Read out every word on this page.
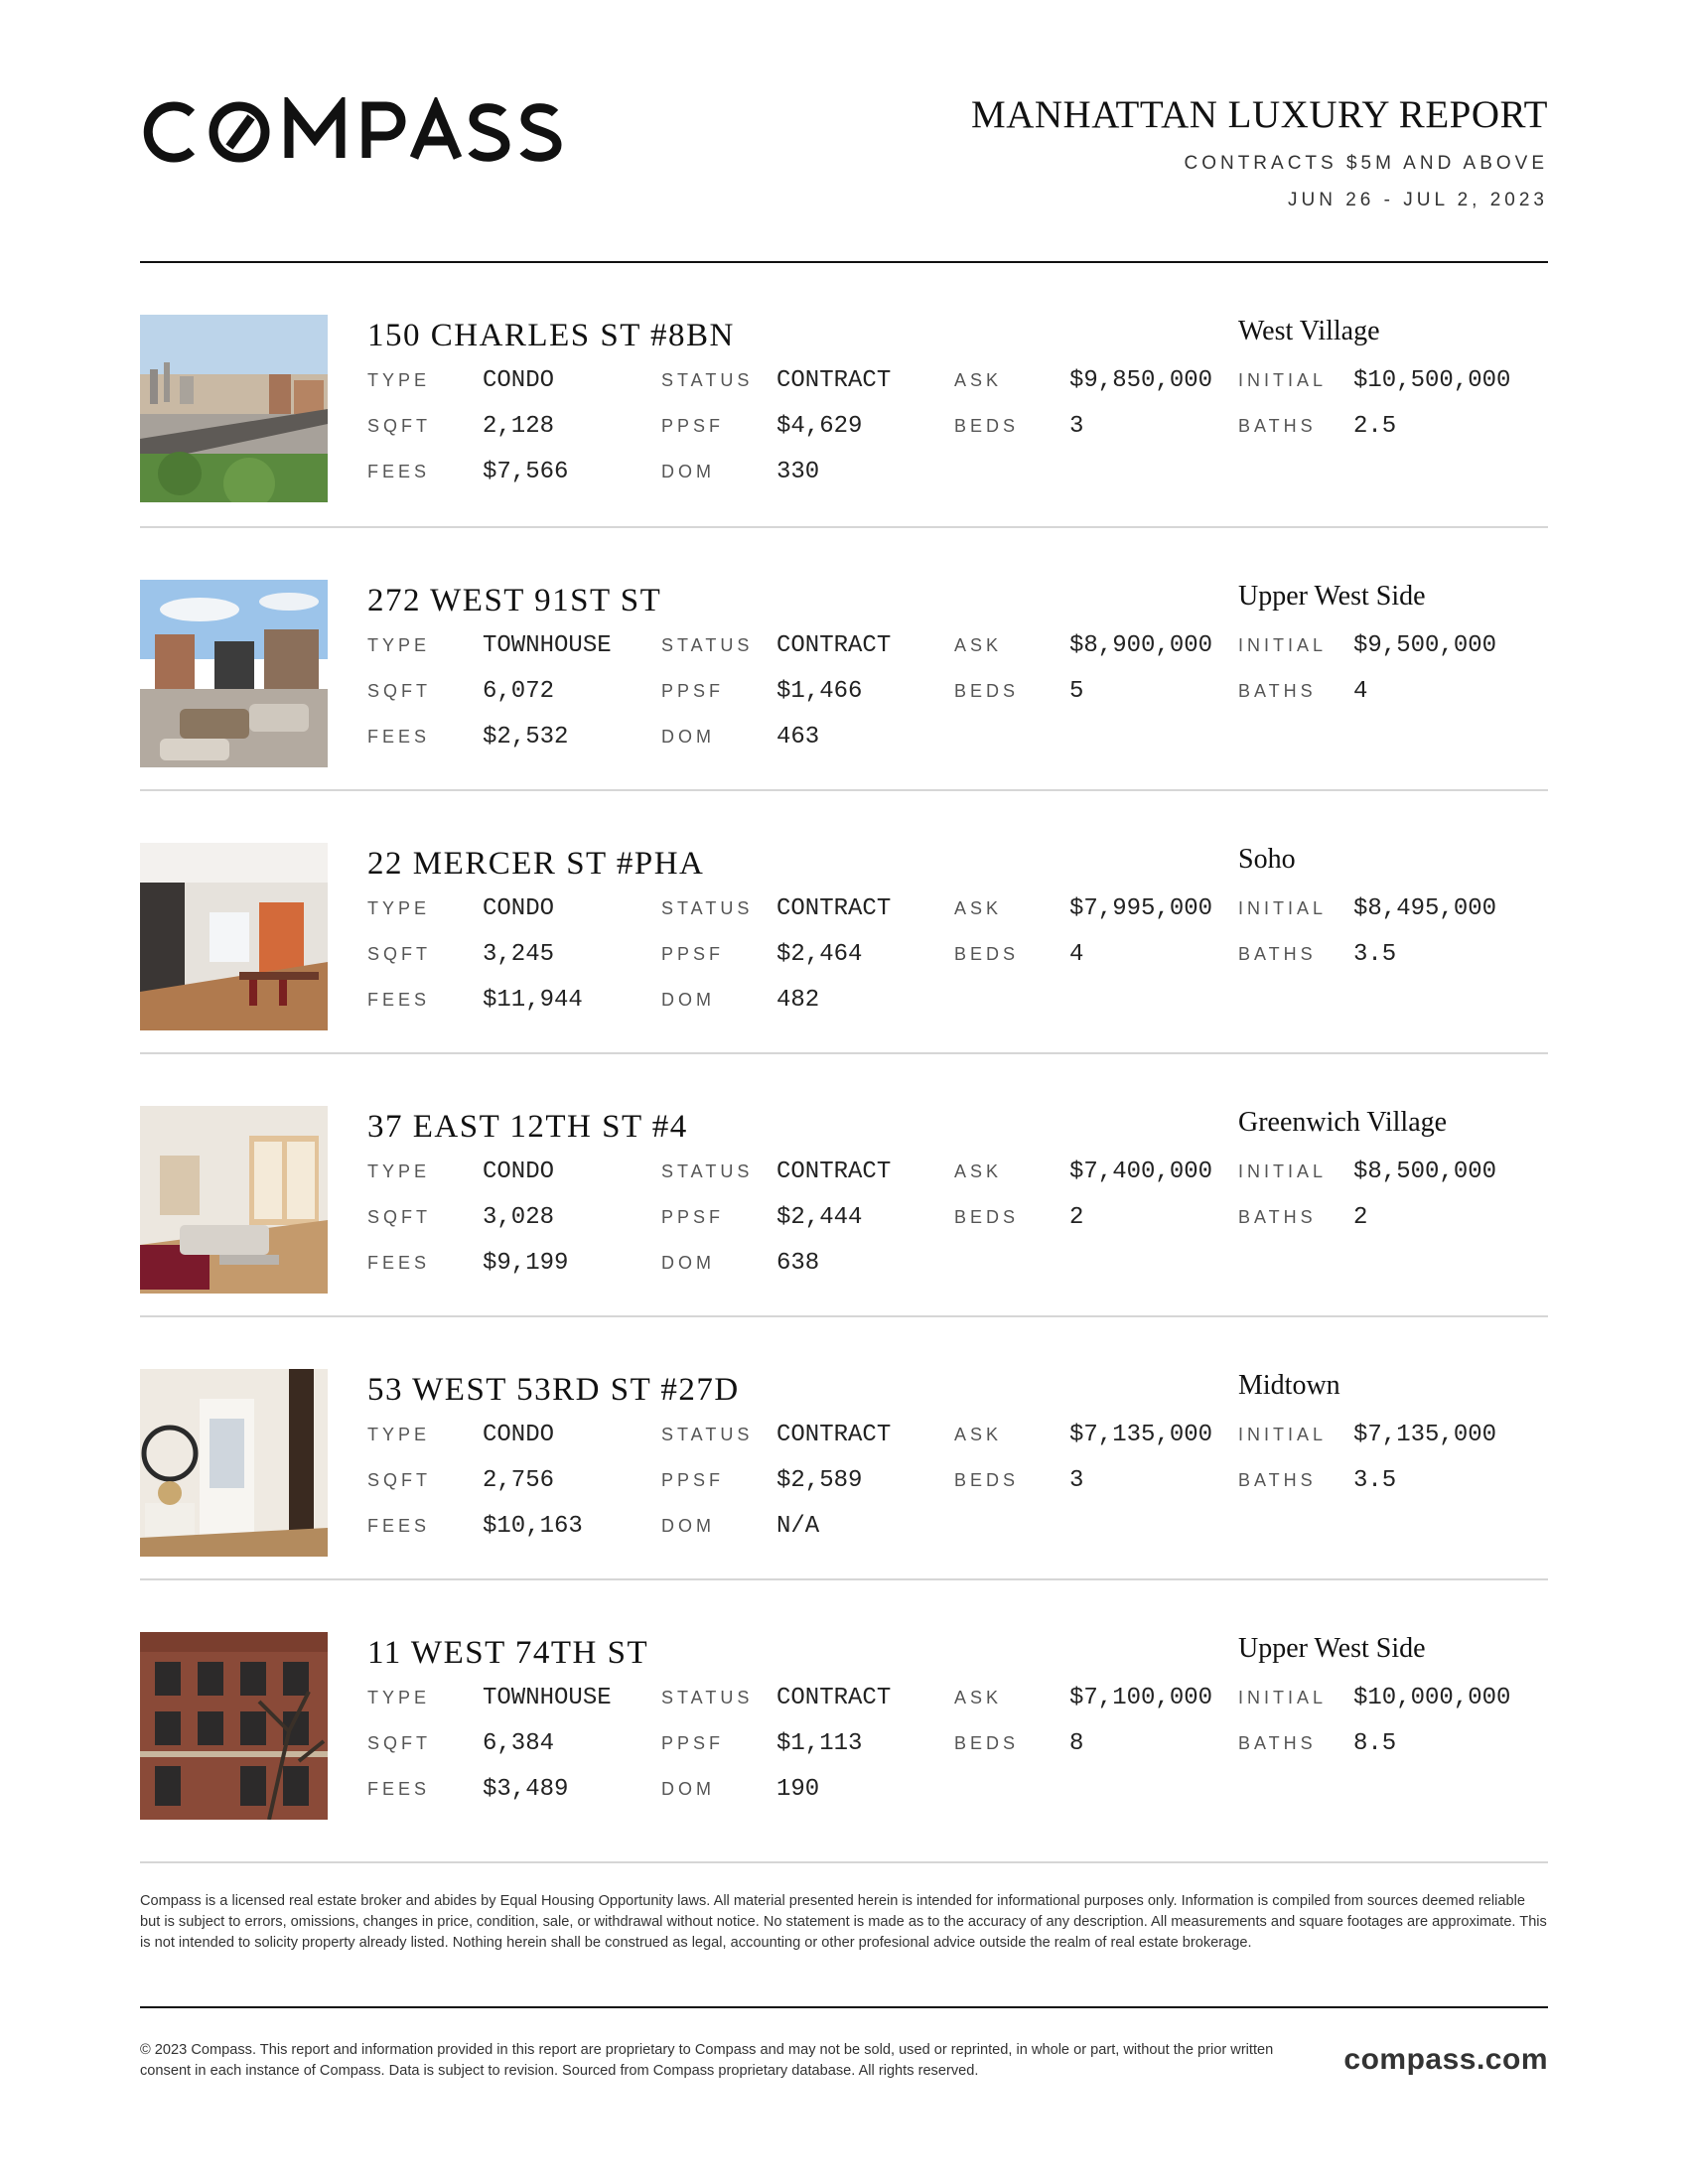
MANHATTAN LUXURY REPORT
CONTRACTS $5M AND ABOVE
JUN 26 - JUL 2, 2023
150 CHARLES ST #8BN	West Village
TYPE CONDO	STATUS CONTRACT	ASK	$9,850,000 INITIAL $10,500,000
SQFT 2,128	PPSF $4,629	BEDS 3	BATHS 2.5
FEES $7,566	DOM	330
272 WEST 91ST ST	Upper West Side
TYPE TOWNHOUSE	STATUS CONTRACT	ASK	$8,900,000 INITIAL $9,500,000
SQFT 6,072	PPSF $1,466	BEDS 5	BATHS 4
FEES $2,532	DOM	463
22 MERCER ST #PHA	Soho
TYPE CONDO	STATUS CONTRACT	ASK	$7,995,000 INITIAL $8,495,000
SQFT 3,245	PPSF $2,464	BEDS 4	BATHS 3.5
FEES $11,944	DOM	482
37 EAST 12TH ST #4	Greenwich Village
TYPE CONDO	STATUS CONTRACT	ASK	$7,400,000 INITIAL $8,500,000
SQFT 3,028	PPSF $2,444	BEDS 2	BATHS 2
FEES $9,199	DOM	638
53 WEST 53RD ST #27D	Midtown
TYPE CONDO	STATUS CONTRACT	ASK	$7,135,000 INITIAL $7,135,000
SQFT 2,756	PPSF $2,589	BEDS 3	BATHS 3.5
FEES $10,163	DOM	N/A
11 WEST 74TH ST	Upper West Side
TYPE TOWNHOUSE	STATUS CONTRACT	ASK	$7,100,000 INITIAL $10,000,000
SQFT 6,384	PPSF $1,113	BEDS 8	BATHS 8.5
FEES $3,489	DOM	190
Compass is a licensed real estate broker and abides by Equal Housing Opportunity laws. All material presented herein is intended for informational purposes only. Information is compiled from sources deemed reliable but is subject to errors, omissions, changes in price, condition, sale, or withdrawal without notice. No statement is made as to the accuracy of any description. All measurements and square footages are approximate. This is not intended to solicity property already listed. Nothing herein shall be construed as legal, accounting or other profesional advice outside the realm of real estate brokerage.
© 2023 Compass. This report and information provided in this report are proprietary to Compass and may not be sold, used or reprinted, in whole or part, without the prior written consent in each instance of Compass. Data is subject to revision. Sourced from Compass proprietary database. All rights reserved.	compass.com
